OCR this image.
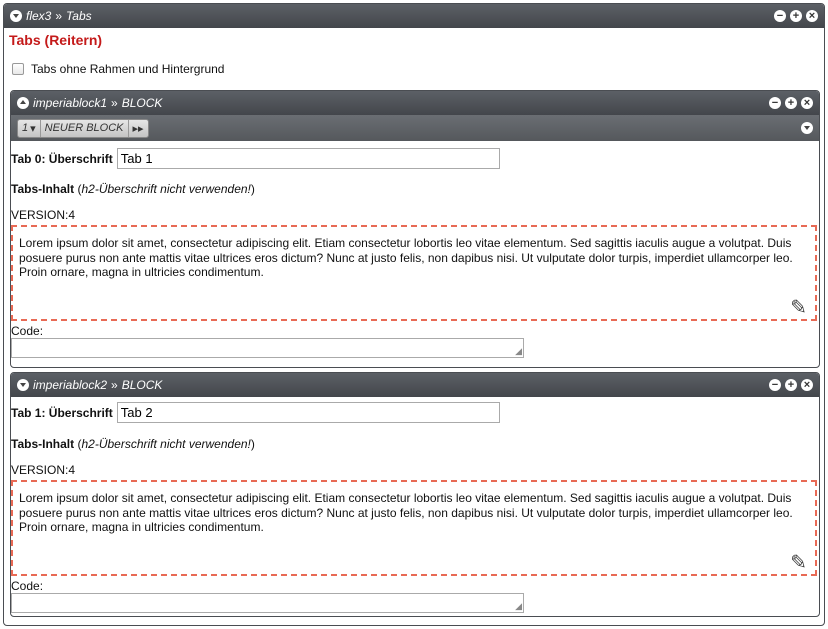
flex3 » Tabs	− + ×
Tabs (Reitern)
Tabs ohne Rahmen und Hintergrund
imperiablock1 » BLOCK	− + ×
1 ▾ NEUER BLOCK ▸▸
Tab 0: Überschrift
Tab 1
Tabs-Inhalt (h2-Überschrift nicht verwenden!)
VERSION:4
Lorem ipsum dolor sit amet, consectetur adipiscing elit. Etiam consectetur lobortis leo vitae elementum. Sed sagittis iaculis augue a volutpat. Duis posuere purus non ante mattis vitae ultrices eros dictum? Nunc at justo felis, non dapibus nisi. Ut vulputate dolor turpis, imperdiet ullamcorper leo. Proin ornare, magna in ultricies condimentum.
✎
Code:
◢
imperiablock2 » BLOCK	− + ×
Tab 1: Überschrift
Tab 2
Tabs-Inhalt (h2-Überschrift nicht verwenden!)
VERSION:4
Lorem ipsum dolor sit amet, consectetur adipiscing elit. Etiam consectetur lobortis leo vitae elementum. Sed sagittis iaculis augue a volutpat. Duis posuere purus non ante mattis vitae ultrices eros dictum? Nunc at justo felis, non dapibus nisi. Ut vulputate dolor turpis, imperdiet ullamcorper leo. Proin ornare, magna in ultricies condimentum.
✎
Code:
◢
